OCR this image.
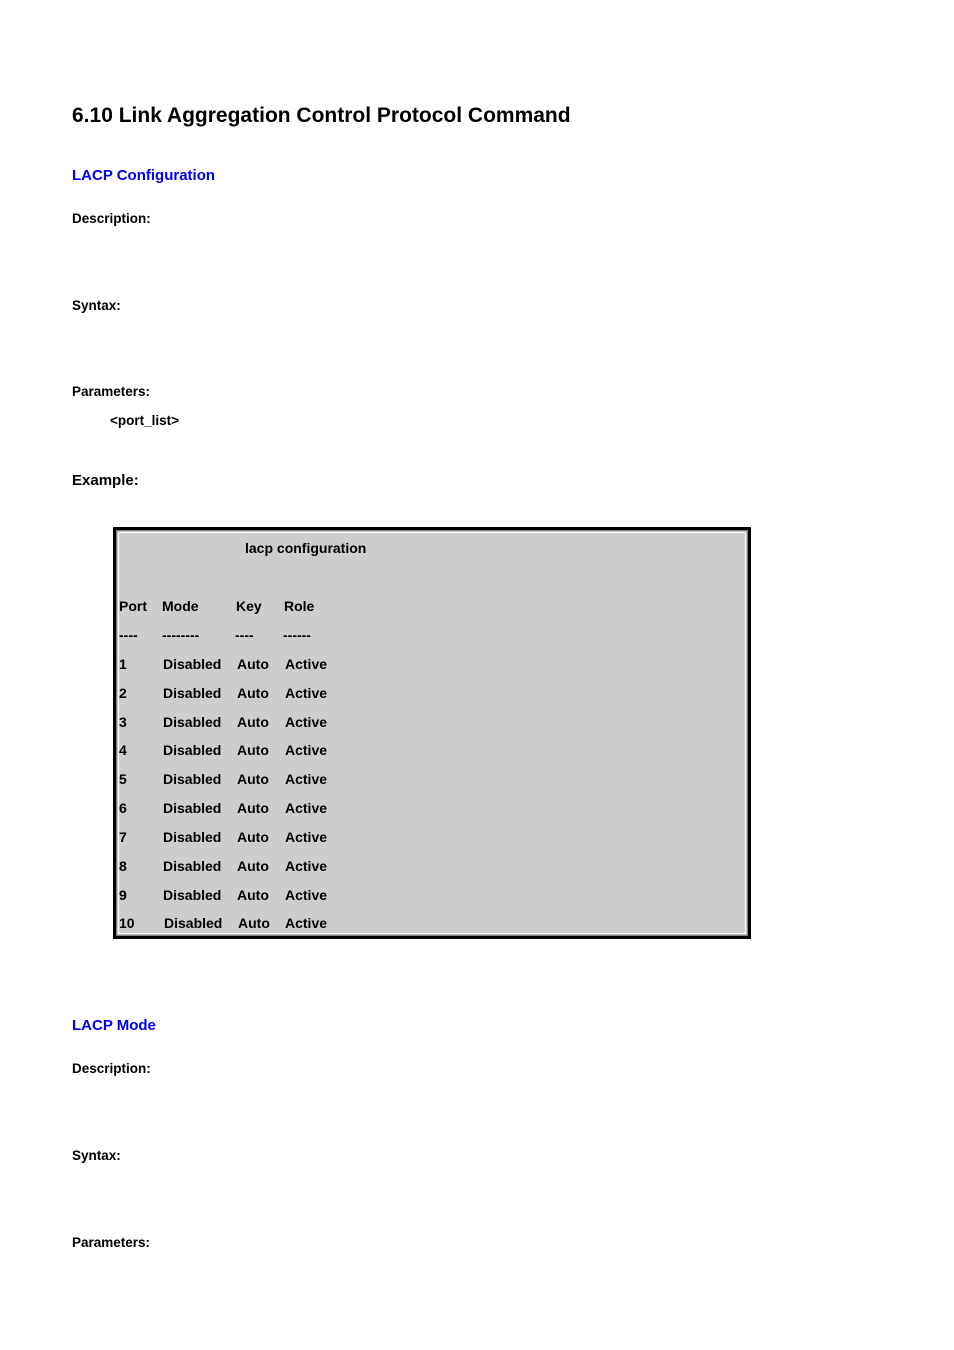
6.10 Link Aggregation Control Protocol Command
LACP Configuration
Description:
Syntax:
Parameters:
<port_list>
Example:
lacp configuration
Port Mode	Key Role
---- --------	---- ------
1	Disabled Auto Active
2	Disabled Auto Active
3	Disabled Auto Active
4	Disabled Auto Active
5	Disabled Auto Active
6	Disabled Auto Active
7	Disabled Auto Active
8	Disabled Auto Active
9	Disabled Auto Active
10 Disabled Auto Active
LACP Mode
Description:
Syntax:
Parameters:
